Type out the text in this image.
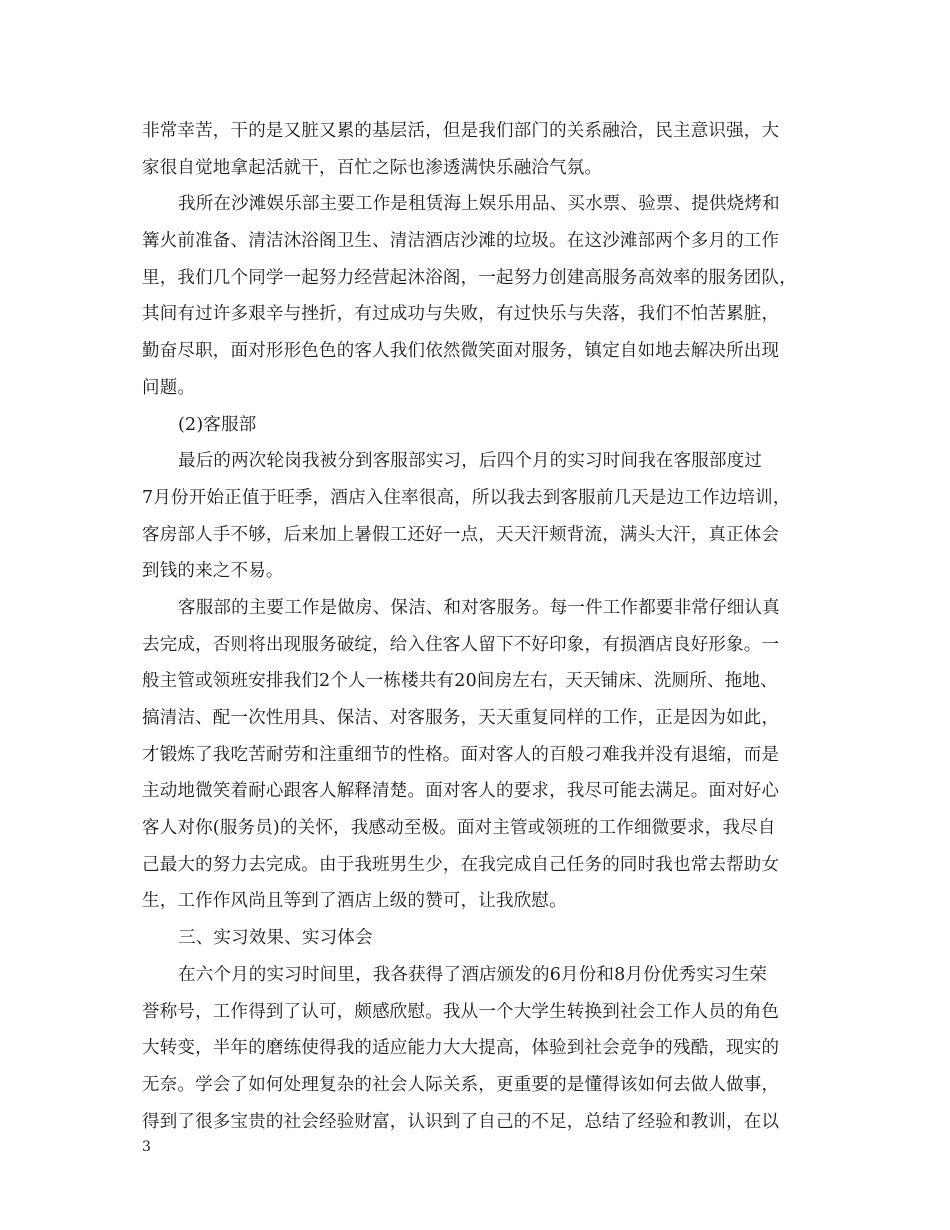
非常幸苦，干的是又脏又累的基层活，但是我们部门的关系融洽，民主意识强，大
家很自觉地拿起活就干，百忙之际也渗透满快乐融洽气氛。
我所在沙滩娱乐部主要工作是租赁海上娱乐用品、买水票、验票、提供烧烤和
篝火前准备、清洁沐浴阁卫生、清洁酒店沙滩的垃圾。在这沙滩部两个多月的工作
里，我们几个同学一起努力经营起沐浴阁，一起努力创建高服务高效率的服务团队，
其间有过许多艰辛与挫折，有过成功与失败，有过快乐与失落，我们不怕苦累脏，
勤奋尽职，面对形形色色的客人我们依然微笑面对服务，镇定自如地去解决所出现
问题。
(2)客服部
最后的两次轮岗我被分到客服部实习，后四个月的实习时间我在客服部度过
7月份开始正值于旺季，酒店入住率很高，所以我去到客服前几天是边工作边培训，
客房部人手不够，后来加上暑假工还好一点，天天汗颊背流，满头大汗，真正体会
到钱的来之不易。
客服部的主要工作是做房、保洁、和对客服务。每一件工作都要非常仔细认真
去完成，否则将出现服务破绽，给入住客人留下不好印象，有损酒店良好形象。一
般主管或领班安排我们2个人一栋楼共有20间房左右，天天铺床、洗厕所、拖地、
搞清洁、配一次性用具、保洁、对客服务，天天重复同样的工作，正是因为如此，
才锻炼了我吃苦耐劳和注重细节的性格。面对客人的百般刁难我并没有退缩，而是
主动地微笑着耐心跟客人解释清楚。面对客人的要求，我尽可能去满足。面对好心
客人对你(服务员)的关怀，我感动至极。面对主管或领班的工作细微要求，我尽自
己最大的努力去完成。由于我班男生少，在我完成自己任务的同时我也常去帮助女
生，工作作风尚且等到了酒店上级的赞可，让我欣慰。
三、实习效果、实习体会
在六个月的实习时间里，我各获得了酒店颁发的6月份和8月份优秀实习生荣
誉称号，工作得到了认可，颇感欣慰。我从一个大学生转换到社会工作人员的角色
大转变，半年的磨练使得我的适应能力大大提高，体验到社会竞争的残酷，现实的
无奈。学会了如何处理复杂的社会人际关系，更重要的是懂得该如何去做人做事，
得到了很多宝贵的社会经验财富，认识到了自己的不足，总结了经验和教训，在以
3
